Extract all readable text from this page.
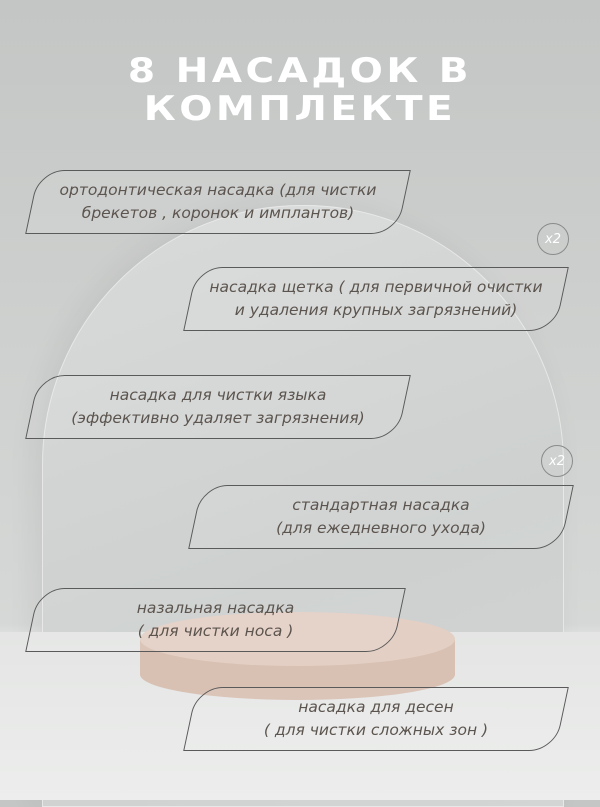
8 НАСАДОК В
КОМПЛЕКТЕ
ортодонтическая насадка (для чистки
брекетов , коронок и имплантов)
x2
насадка щетка ( для первичной очистки
и удаления крупных загрязнений)
насадка для чистки языка
(эффективно удаляет загрязнения)
x2
стандартная насадка
(для ежедневного ухода)
назальная насадка
( для чистки носа )
насадка для десен
( для чистки сложных зон )
